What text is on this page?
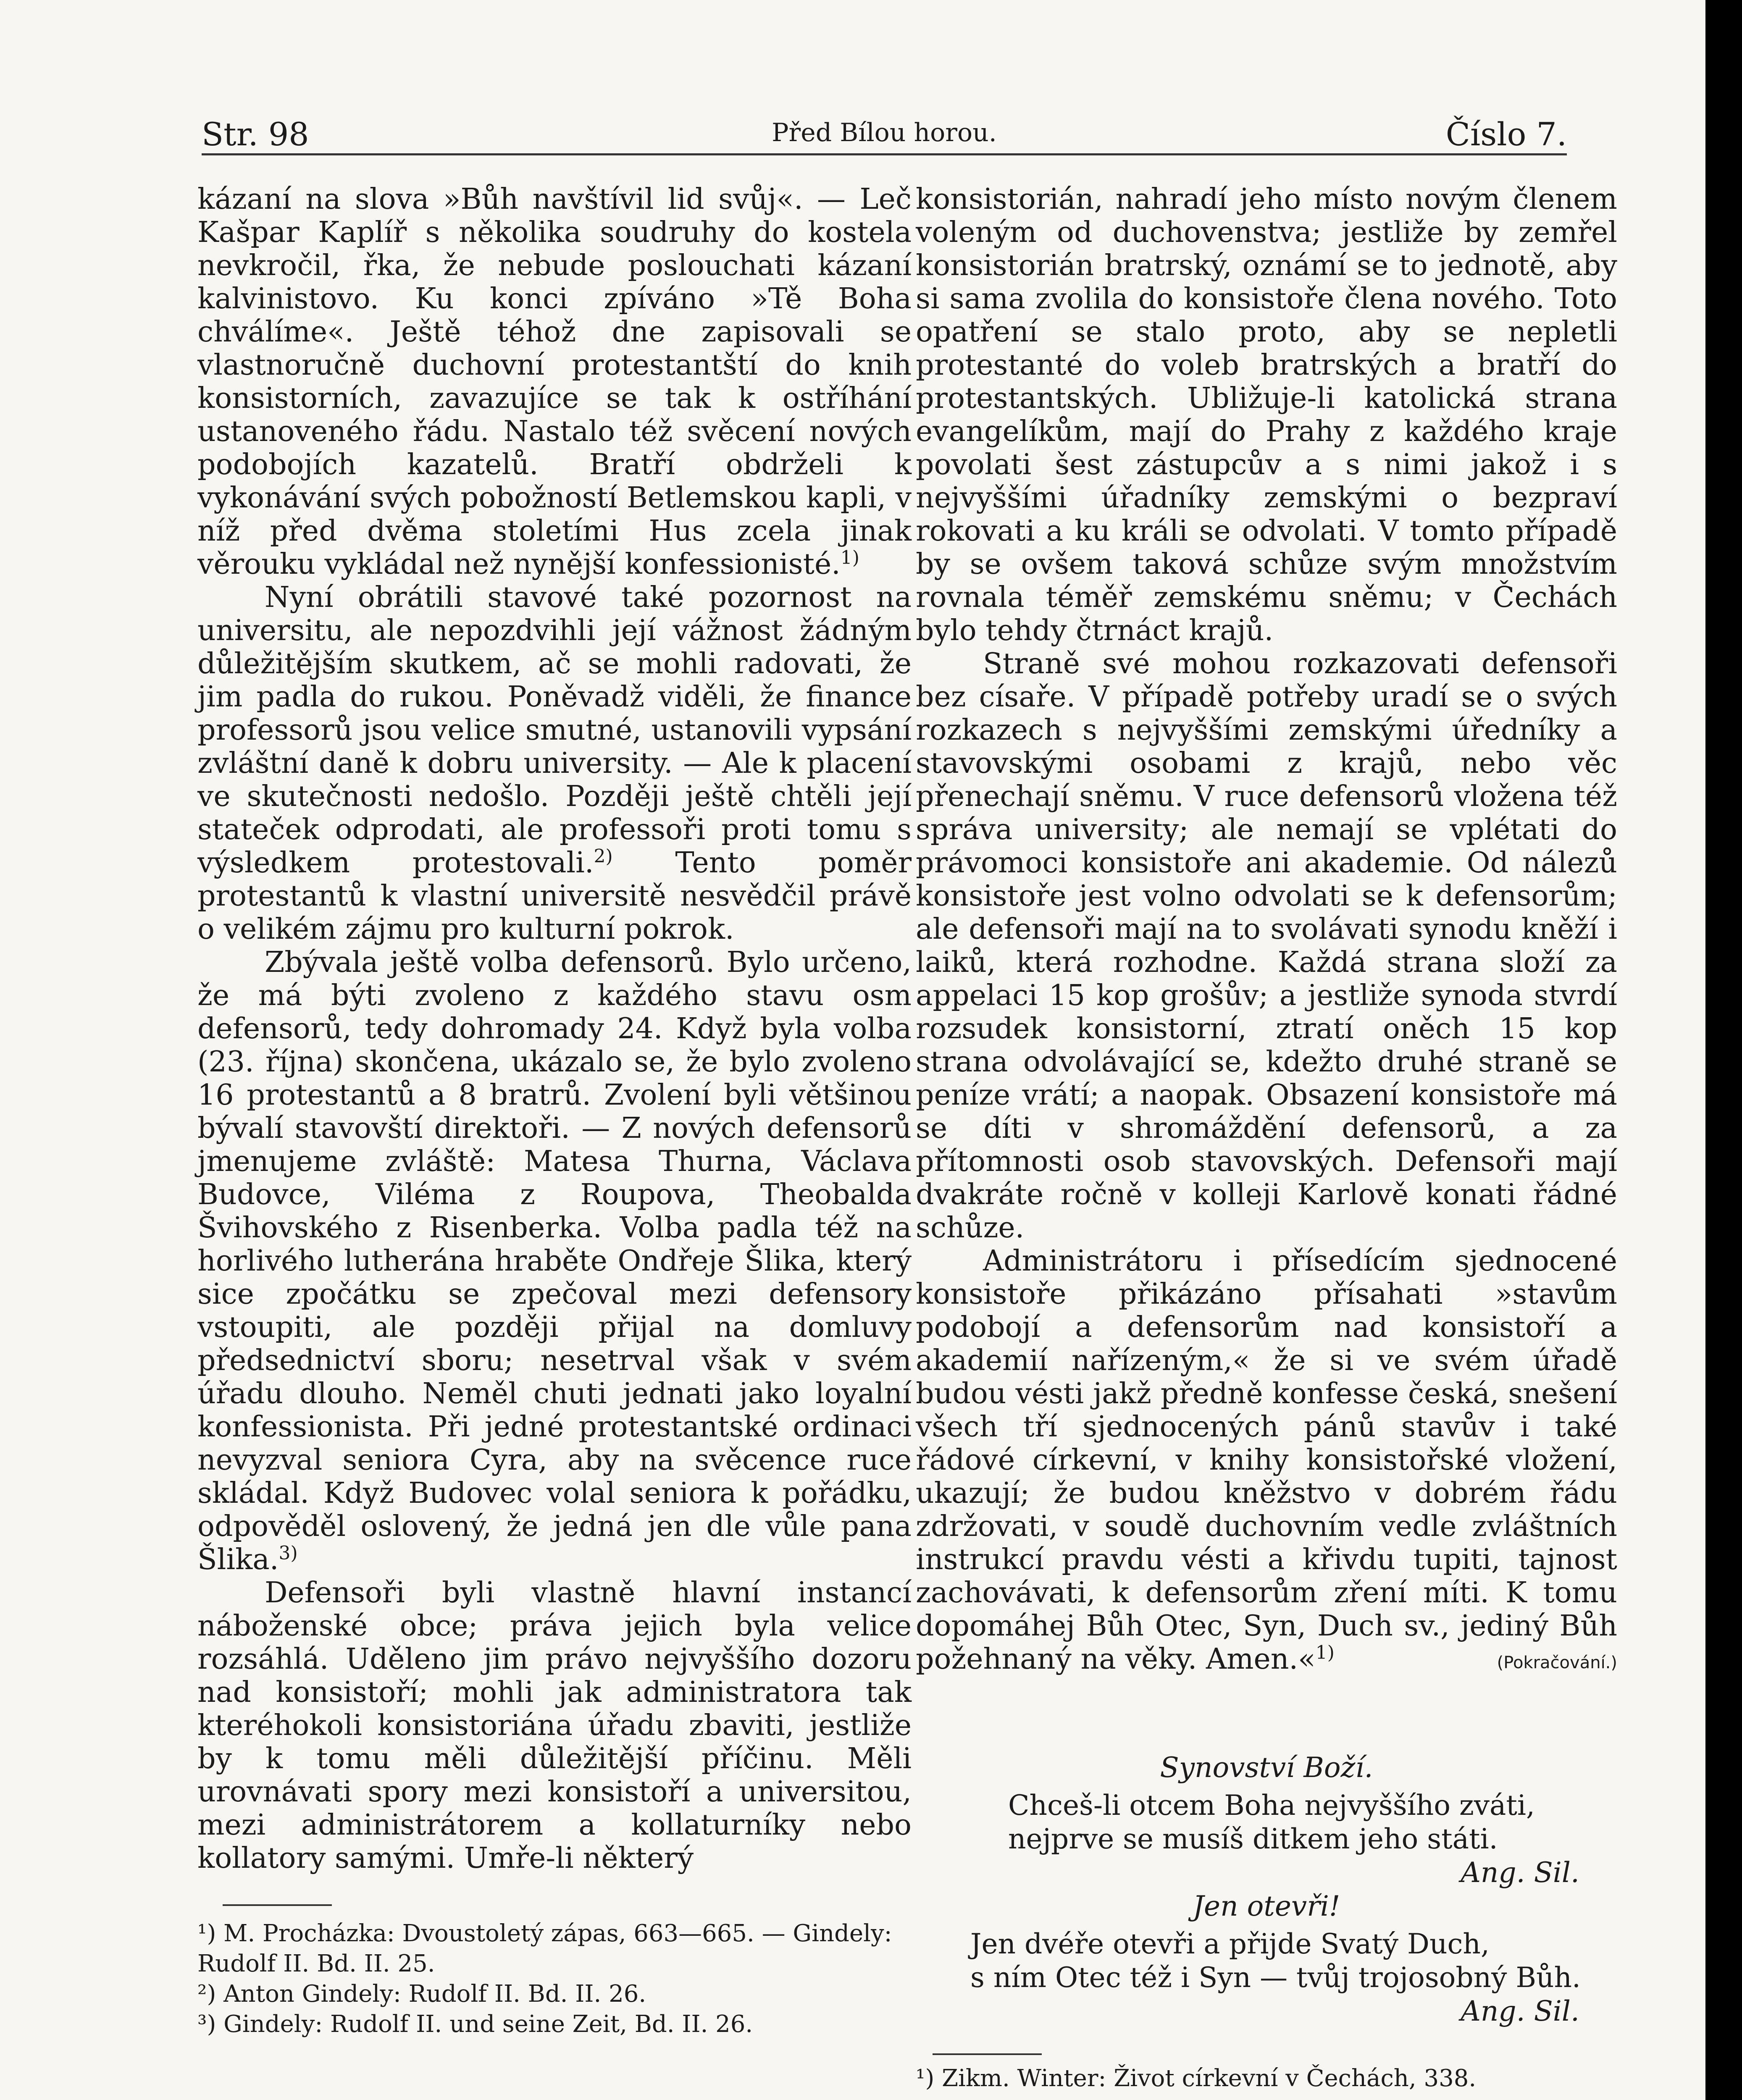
Str. 98	Před Bílou horou.	Číslo 7.

kázaní na slova »Bůh navštívil lid svůj«. — Leč Kašpar Kaplíř s několika soudruhy do kostela nevkročil, řka, že nebude poslouchati kázaní kalvinistovo. Ku konci zpíváno »Tě Boha chválíme«. Ještě téhož dne zapisovali se vlastnoručně duchovní protestantští do knih konsistorních, zavazujíce se tak k ostříhání ustanoveného řádu. Nastalo též svěcení nových podobojích kazatelů. Bratří obdrželi k vykonávání svých pobožností Betlemskou kapli, v níž před dvěma stoletími Hus zcela jinak věrouku vykládal než nynější konfessionisté.$^{1)}$

Nyní obrátili stavové také pozornost na universitu, ale nepozdvihli její vážnost žádným důležitějším skutkem, ač se mohli radovati, že jim padla do rukou. Poněvadž viděli, že finance professorů jsou velice smutné, ustanovili vypsání zvláštní daně k dobru university. — Ale k placení ve skutečnosti nedošlo. Později ještě chtěli její stateček odprodati, ale professoři proti tomu s výsledkem protestovali.$^{2)}$ Tento poměr protestantů k vlastní universitě nesvědčil právě o velikém zájmu pro kulturní pokrok.

Zbývala ještě volba defensorů. Bylo určeno, že má býti zvoleno z každého stavu osm defensorů, tedy dohromady 24. Když byla volba (23. října) skončena, ukázalo se, že bylo zvoleno 16 protestantů a 8 bratrů. Zvolení byli většinou bývalí stavovští direktoři. — Z nových defensorů jmenujeme zvláště: Matesa Thurna, Václava Budovce, Viléma z Roupova, Theobalda Švihovského z Risenberka. Volba padla též na horlivého lutherána hraběte Ondřeje Šlika, který sice zpočátku se zpečoval mezi defensory vstoupiti, ale později přijal na domluvy předsednictví sboru; nesetrval však v svém úřadu dlouho. Neměl chuti jednati jako loyalní konfessionista. Při jedné protestantské ordinaci nevyzval seniora Cyra, aby na svěcence ruce skládal. Když Budovec volal seniora k pořádku, odpověděl oslovený, že jedná jen dle vůle pana Šlika.$^{3)}$

Defensoři byli vlastně hlavní instancí náboženské obce; práva jejich byla velice rozsáhlá. Uděleno jim právo nejvyššího dozoru nad konsistoří; mohli jak administratora tak kteréhokoli konsistoriána úřadu zbaviti, jestliže by k tomu měli důležitější příčinu. Měli urovnávati spory mezi konsistoří a universitou, mezi administrátorem a kollaturníky nebo kollatory samými. Umře-li některý

¹) M. Procházka: Dvoustoletý zápas, 663—665. — Gindely: Rudolf II. Bd. II. 25.

²) Anton Gindely: Rudolf II. Bd. II. 26.

³) Gindely: Rudolf II. und seine Zeit, Bd. II. 26.

konsistorián, nahradí jeho místo novým členem voleným od duchovenstva; jestliže by zemřel konsistorián bratrský, oznámí se to jednotě, aby si sama zvolila do konsistoře člena nového. Toto opatření se stalo proto, aby se nepletli protestanté do voleb bratrských a bratří do protestantských. Ubližuje-li katolická strana evangelíkům, mají do Prahy z každého kraje povolati šest zástupcův a s nimi jakož i s nejvyššími úřadníky zemskými o bezpraví rokovati a ku králi se odvolati. V tomto případě by se ovšem taková schůze svým množstvím rovnala téměř zemskému sněmu; v Čechách bylo tehdy čtrnáct krajů.

Straně své mohou rozkazovati defensoři bez císaře. V případě potřeby uradí se o svých rozkazech s nejvyššími zemskými úředníky a stavovskými osobami z krajů, nebo věc přenechají sněmu. V ruce defensorů vložena též správa university; ale nemají se vplétati do právomoci konsistoře ani akademie. Od nálezů konsistoře jest volno odvolati se k defensorům; ale defensoři mají na to svolávati synodu kněží i laiků, která rozhodne. Každá strana složí za appelaci 15 kop grošův; a jestliže synoda stvrdí rozsudek konsistorní, ztratí oněch 15 kop strana odvolávající se, kdežto druhé straně se peníze vrátí; a naopak. Obsazení konsistoře má se díti v shromáždění defensorů, a za přítomnosti osob stavovských. Defensoři mají dvakráte ročně v kolleji Karlově konati řádné schůze.

Administrátoru i přísedícím sjednocené konsistoře přikázáno přísahati »stavům podobojí a defensorům nad konsistoří a akademií nařízeným,« že si ve svém úřadě budou vésti jakž předně konfesse česká, snešení všech tří sjednocených pánů stavův i také řádové církevní, v knihy konsistořské vložení, ukazují; že budou kněžstvo v dobrém řádu zdržovati, v soudě duchovním vedle zvláštních instrukcí pravdu vésti a křivdu tupiti, tajnost zachovávati, k defensorům zření míti. K tomu dopomáhej Bůh Otec, Syn, Duch sv., jediný Bůh požehnaný na věky. Amen.«$^{1)}$	(Pokračování.)
Synovství Boží.
Chceš-li otcem Boha nejvyššího zváti,
nejprve se musíš ditkem jeho státi.
Ang. Sil.
Jen otevři!
Jen dvéře otevři a přijde Svatý Duch,
s ním Otec též i Syn — tvůj trojosobný Bůh.
Ang. Sil.

¹) Zikm. Winter: Život církevní v Čechách, 338.
